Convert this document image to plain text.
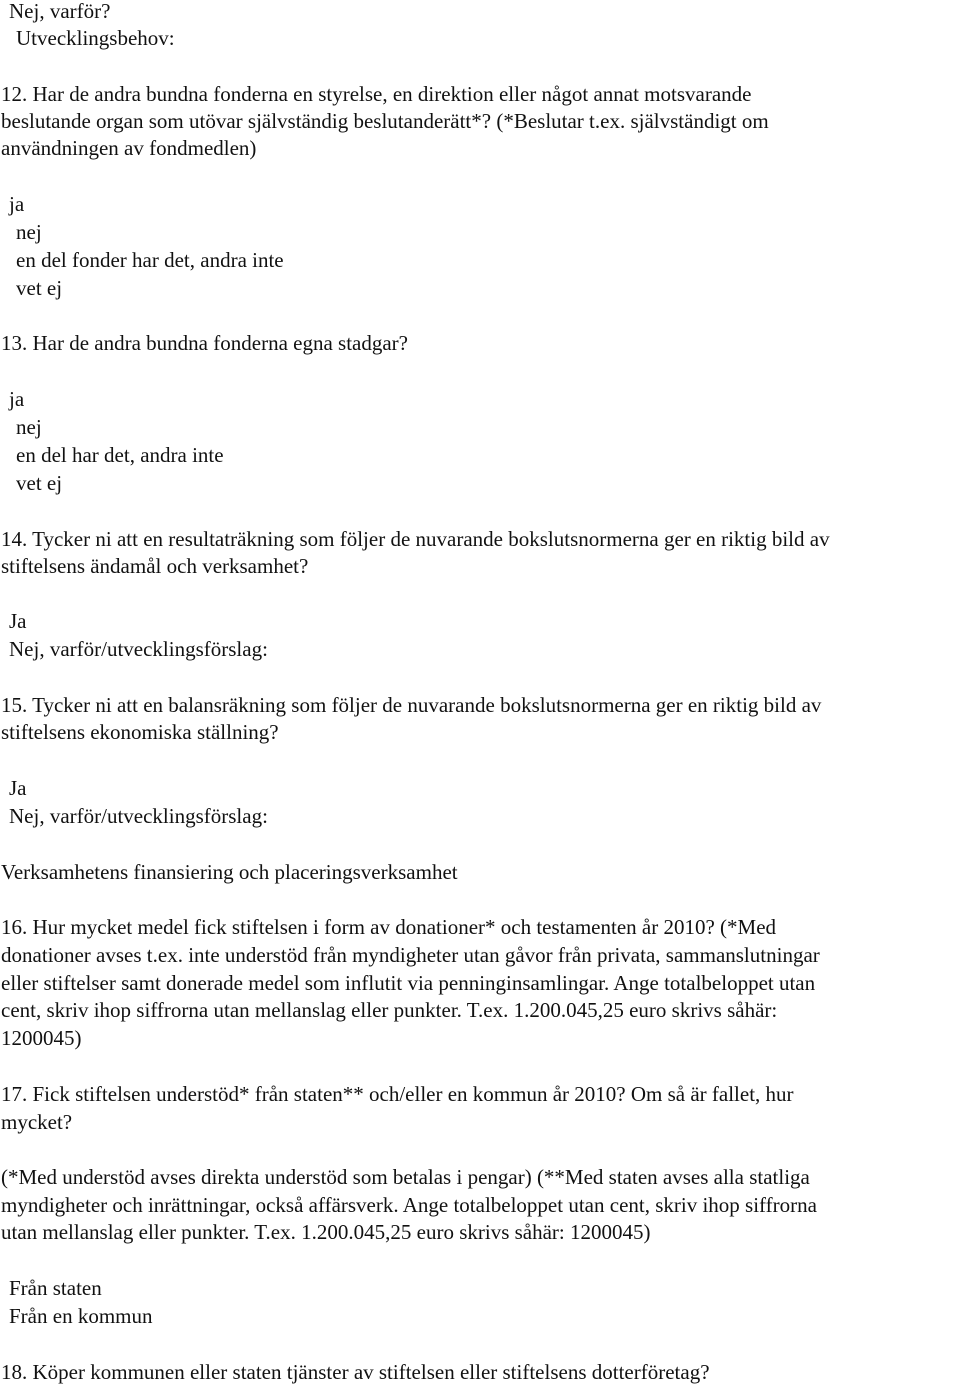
Nej, varför?

Utvecklingsbehov:

12. Har de andra bundna fonderna en styrelse, en direktion eller något annat motsvarande

beslutande organ som utövar självständig beslutanderätt*? (*Beslutar t.ex. självständigt om

användningen av fondmedlen)

ja

nej

en del fonder har det, andra inte

vet ej

13. Har de andra bundna fonderna egna stadgar?

ja

nej

en del har det, andra inte

vet ej

14. Tycker ni att en resultaträkning som följer de nuvarande bokslutsnormerna ger en riktig bild av

stiftelsens ändamål och verksamhet?

Ja

Nej, varför/utvecklingsförslag:

15. Tycker ni att en balansräkning som följer de nuvarande bokslutsnormerna ger en riktig bild av

stiftelsens ekonomiska ställning?

Ja

Nej, varför/utvecklingsförslag:

Verksamhetens finansiering och placeringsverksamhet

16. Hur mycket medel fick stiftelsen i form av donationer* och testamenten år 2010? (*Med

donationer avses t.ex. inte understöd från myndigheter utan gåvor från privata, sammanslutningar

eller stiftelser samt donerade medel som influtit via penninginsamlingar. Ange totalbeloppet utan

cent, skriv ihop siffrorna utan mellanslag eller punkter. T.ex. 1.200.045,25 euro skrivs såhär:

1200045)

17. Fick stiftelsen understöd* från staten** och/eller en kommun år 2010? Om så är fallet, hur

mycket?

(*Med understöd avses direkta understöd som betalas i pengar) (**Med staten avses alla statliga

myndigheter och inrättningar, också affärsverk. Ange totalbeloppet utan cent, skriv ihop siffrorna

utan mellanslag eller punkter. T.ex. 1.200.045,25 euro skrivs såhär: 1200045)

Från staten

Från en kommun

18. Köper kommunen eller staten tjänster av stiftelsen eller stiftelsens dotterföretag?
